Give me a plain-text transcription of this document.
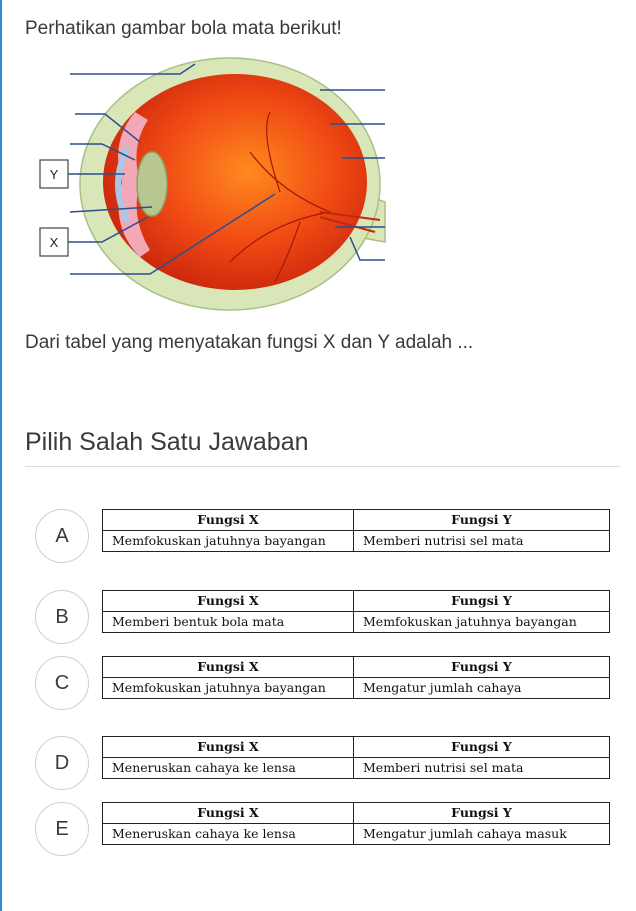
Perhatikan gambar bola mata berikut!
Y
X
Dari tabel yang menyatakan fungsi X dan Y adalah ...
Pilih Salah Satu Jawaban
A
Fungsi X	Fungsi Y
Memfokuskan jatuhnya bayangan	Memberi nutrisi sel mata
B
Fungsi X	Fungsi Y
Memberi bentuk bola mata	Memfokuskan jatuhnya bayangan
C
Fungsi X	Fungsi Y
Memfokuskan jatuhnya bayangan	Mengatur jumlah cahaya
D
Fungsi X	Fungsi Y
Meneruskan cahaya ke lensa	Memberi nutrisi sel mata
E
Fungsi X	Fungsi Y
Meneruskan cahaya ke lensa	Mengatur jumlah cahaya masuk
